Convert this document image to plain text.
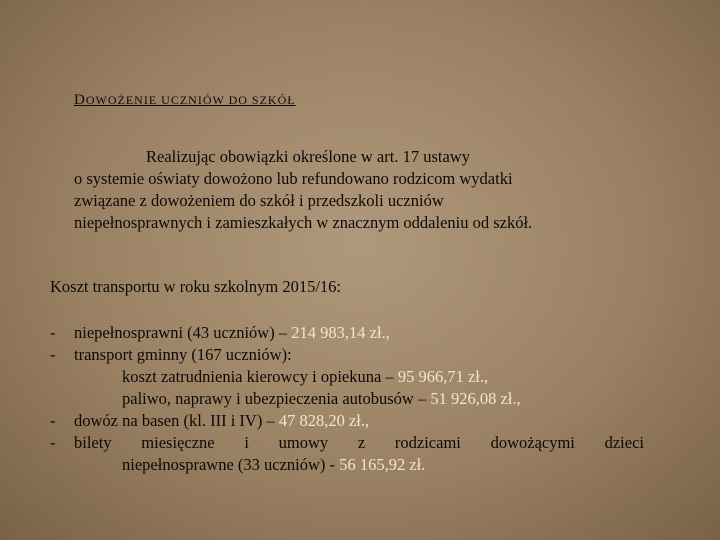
DOWOŻENIE UCZNIÓW DO SZKÓŁ
Realizując obowiązki określone w art. 17 ustawy
o systemie oświaty dowożono lub refundowano rodzicom wydatki
związane z dowożeniem do szkół i przedszkoli uczniów
niepełnosprawnych i zamieszkałych w znacznym oddaleniu od szkół.
Koszt transportu w roku szkolnym 2015/16:
- niepełnosprawni (43 uczniów) – 214 983,14 zł.,
- transport gminny (167 uczniów):
koszt zatrudnienia kierowcy i opiekuna – 95 966,71 zł.,
paliwo, naprawy i ubezpieczenia autobusów – 51 926,08 zł.,
- dowóz na basen (kl. III i IV) – 47 828,20 zł.,
- bilety miesięczne i umowy z rodzicami dowożącymi dzieci
niepełnosprawne (33 uczniów) - 56 165,92 zł.
